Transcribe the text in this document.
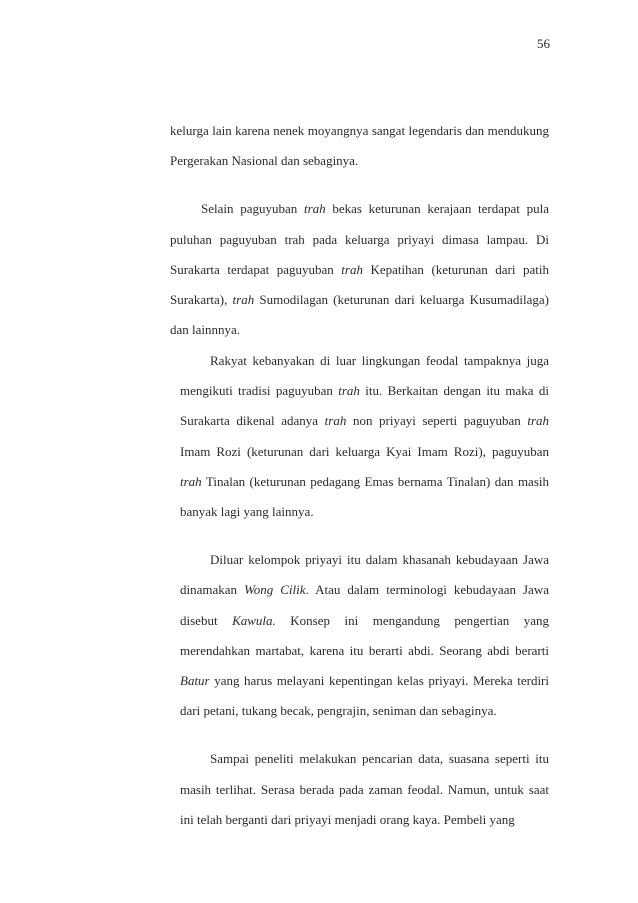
56

kelurga lain karena nenek moyangnya sangat legendaris dan mendukung Pergerakan Nasional dan sebaginya.

Selain paguyuban trah bekas keturunan kerajaan terdapat pula puluhan paguyuban trah pada keluarga priyayi dimasa lampau. Di Surakarta terdapat paguyuban trah Kepatihan (keturunan dari patih Surakarta), trah Sumodilagan (keturunan dari keluarga Kusumadilaga) dan lainnnya.

Rakyat kebanyakan di luar lingkungan feodal tampaknya juga mengikuti tradisi paguyuban trah itu. Berkaitan dengan itu maka di Surakarta dikenal adanya trah non priyayi seperti paguyuban trah Imam Rozi (keturunan dari keluarga Kyai Imam Rozi), paguyuban trah Tinalan (keturunan pedagang Emas bernama Tinalan) dan masih banyak lagi yang lainnya.

Diluar kelompok priyayi itu dalam khasanah kebudayaan Jawa dinamakan Wong Cilik. Atau dalam terminologi kebudayaan Jawa disebut Kawula. Konsep ini mengandung pengertian yang merendahkan martabat, karena itu berarti abdi. Seorang abdi berarti Batur yang harus melayani kepentingan kelas priyayi. Mereka terdiri dari petani, tukang becak, pengrajin, seniman dan sebaginya.

Sampai peneliti melakukan pencarian data, suasana seperti itu masih terlihat. Serasa berada pada zaman feodal. Namun, untuk saat ini telah berganti dari priyayi menjadi orang kaya. Pembeli yang
